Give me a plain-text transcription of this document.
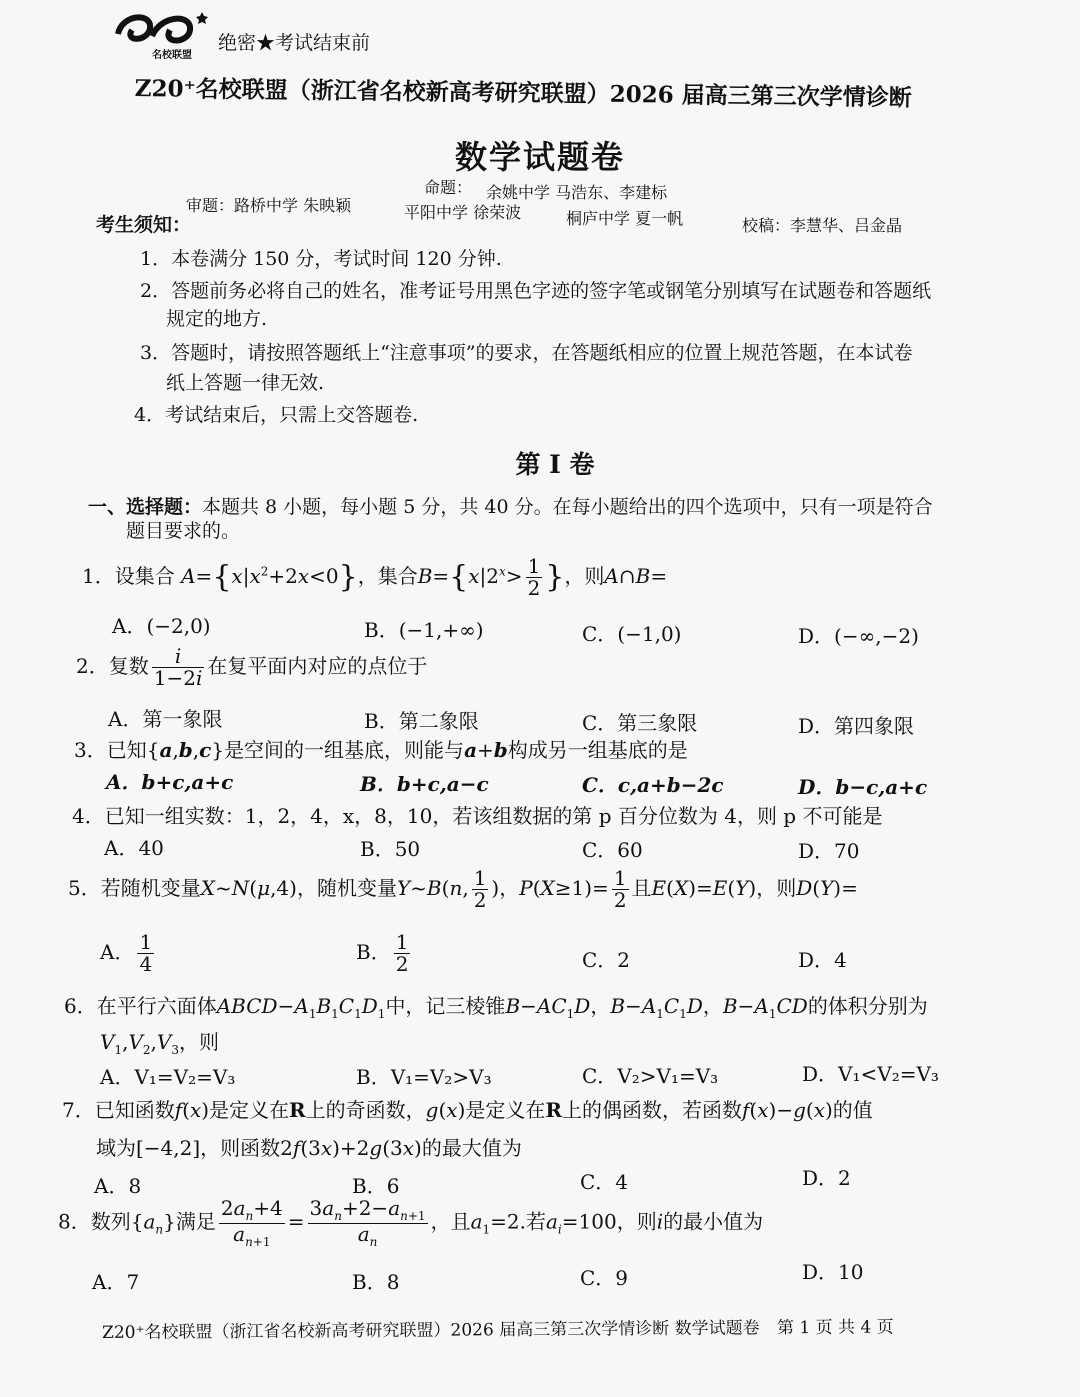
名校联盟
绝密★考试结束前
Z20⁺名校联盟（浙江省名校新高考研究联盟）2026 届高三第三次学情诊断
数学试题卷
命题： 余姚中学 马浩东、李建标
审题：路桥中学 朱映颖	平阳中学 徐荣波	桐庐中学 夏一帆	校稿：李慧华、吕金晶
考生须知：
1．本卷满分 150 分，考试时间 120 分钟.
2．答题前务必将自己的姓名，准考证号用黑色字迹的签字笔或钢笔分别填写在试题卷和答题纸
规定的地方.
3．答题时，请按照答题纸上“注意事项”的要求，在答题纸相应的位置上规范答题，在本试卷
纸上答题一律无效.
4．考试结束后，只需上交答题卷.
第 I 卷
一、选择题：本题共 8 小题，每小题 5 分，共 40 分。在每小题给出的四个选项中，只有一项是符合
题目要求的。
1．设集合 $A=\{x|x^2+2x<0\}$，集合$B=\{x|2^x> \frac{1}{2}$ }，则A∩B=
A．(−2,0)	B．(−1,+∞)	C．(−1,0)	D．(−∞,−2)
2．复数 $\frac{i}{1-2i}$ 在复平面内对应的点位于
A．第一象限	B．第二象限	C．第三象限	D．第四象限
3．已知{a,b,c}是空间的一组基底，则能与a+b构成另一组基底的是
A．b+c,a+c	B．b+c,a−c	C．c,a+b−2c	D．b−c,a+c
4．已知一组实数：1，2，4，x，8，10，若该组数据的第 p 百分位数为 4，则 p 不可能是
A．40	B．50	C．60	D．70
5．若随机变量X~N(μ,4)，随机变量Y~B(n, $\frac{1}{2}$ )，$P(X\ge 1)= \frac{1}{2}$ 且E(X)=E(Y)，则D(Y)=
A． $\frac{1}{4}$	B． $\frac{1}{2}$	C．2	D．4
6．在平行六面体$ABCD-A_1B_1C_1D_1$中，记三棱锥$B-AC_1D$，$B-A_1C_1D$，$B-A_1CD$的体积分别为
$V_1,V_2,V_3$，则
A．V₁=V₂=V₃	B．V₁=V₂>V₃	C．V₂>V₁=V₃	D．V₁<V₂=V₃
7．已知函数f(x)是定义在R上的奇函数，g(x)是定义在R上的偶函数，若函数f(x)−g(x)的值
域为[−4,2]，则函数2f(3x)+2g(3x)的最大值为
A．8	B．6	C．4	D．2
8．数列$\{a_n\}$满足 $\frac{2a_n+4}{a_{n+1}} = \frac{3a_n+2-a_{n+1}}{a_n}$ ，且$a_1=2$.若$a_i=100$，则i的最小值为
A．7	B．8	C．9	D．10
Z20⁺名校联盟（浙江省名校新高考研究联盟）2026 届高三第三次学情诊断 数学试题卷 第 1 页 共 4 页
